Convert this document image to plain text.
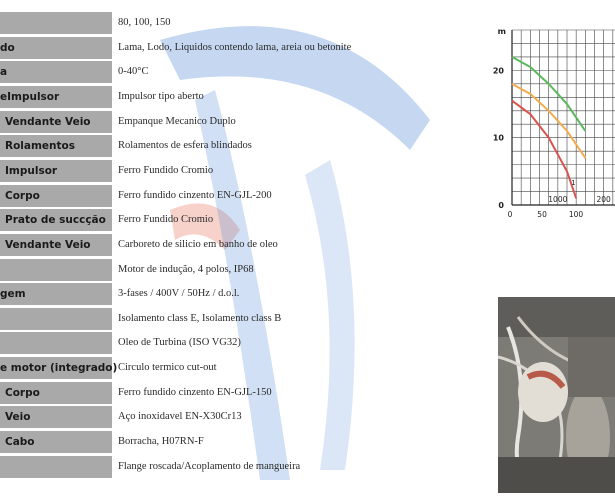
80, 100, 150
do	Lama, Lodo, Liquidos contendo lama, areia ou betonite
a	0-40°C
eImpulsor	Impulsor tipo aberto
Vendante Veio	Empanque Mecanico Duplo
Rolamentos	Rolamentos de esfera blindados
Impulsor	Ferro Fundido Cromio
Corpo	Ferro fundido cinzento EN-GJL-200
Prato de succção	Ferro Fundido Cromio
Vendante Veio	Carboreto de silicio em banho de oleo
Motor de indução, 4 polos, IP68
gem	3-fases / 400V / 50Hz / d.o.l.
Isolamento class E, Isolamento class B
Oleo de Turbina (ISO VG32)
e motor (integrado) Circulo termico cut-out
Corpo	Ferro fundido cinzento EN-GJL-150
Veio	Aço inoxidavel EN-X30Cr13
Cabo	Borracha, H07RN-F
Flange roscada/Acoplamento de mangueira
m
20
10
0
1000	200
0	50	100
1
